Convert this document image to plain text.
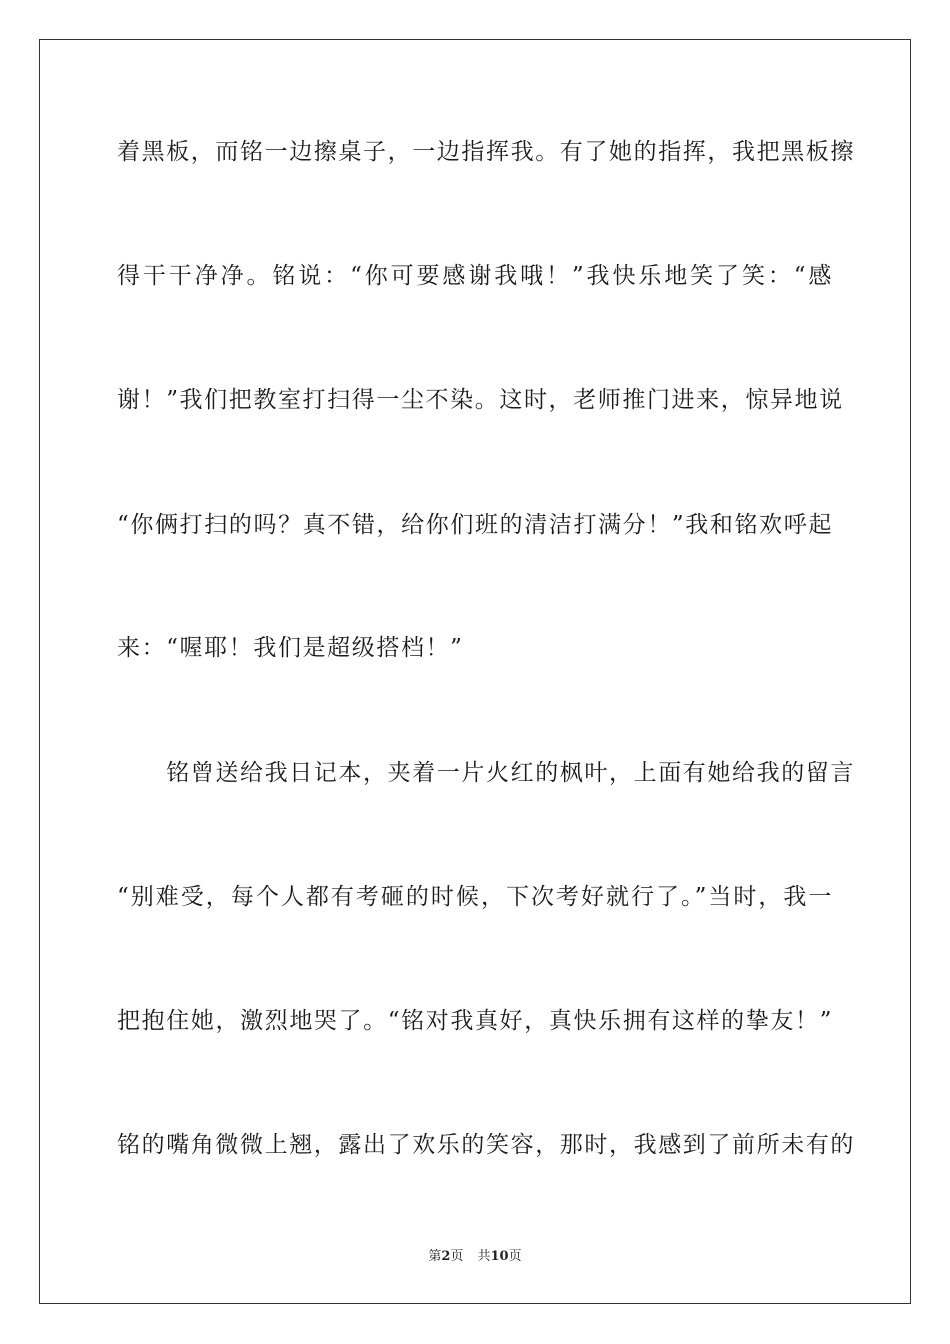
着黑板，而铭一边擦桌子，一边指挥我。有了她的指挥，我把黑板擦
得干干净净。铭说：“你可要感谢我哦！”我快乐地笑了笑：“感
谢！”我们把教室打扫得一尘不染。这时，老师推门进来，惊异地说
“你俩打扫的吗？真不错，给你们班的清洁打满分！”我和铭欢呼起
来：“喔耶！我们是超级搭档！”
　　铭曾送给我日记本，夹着一片火红的枫叶，上面有她给我的留言
“别难受，每个人都有考砸的时候，下次考好就行了。”当时，我一
把抱住她，激烈地哭了。“铭对我真好，真快乐拥有这样的挚友！”
铭的嘴角微微上翘，露出了欢乐的笑容，那时，我感到了前所未有的
第2页 共10页
